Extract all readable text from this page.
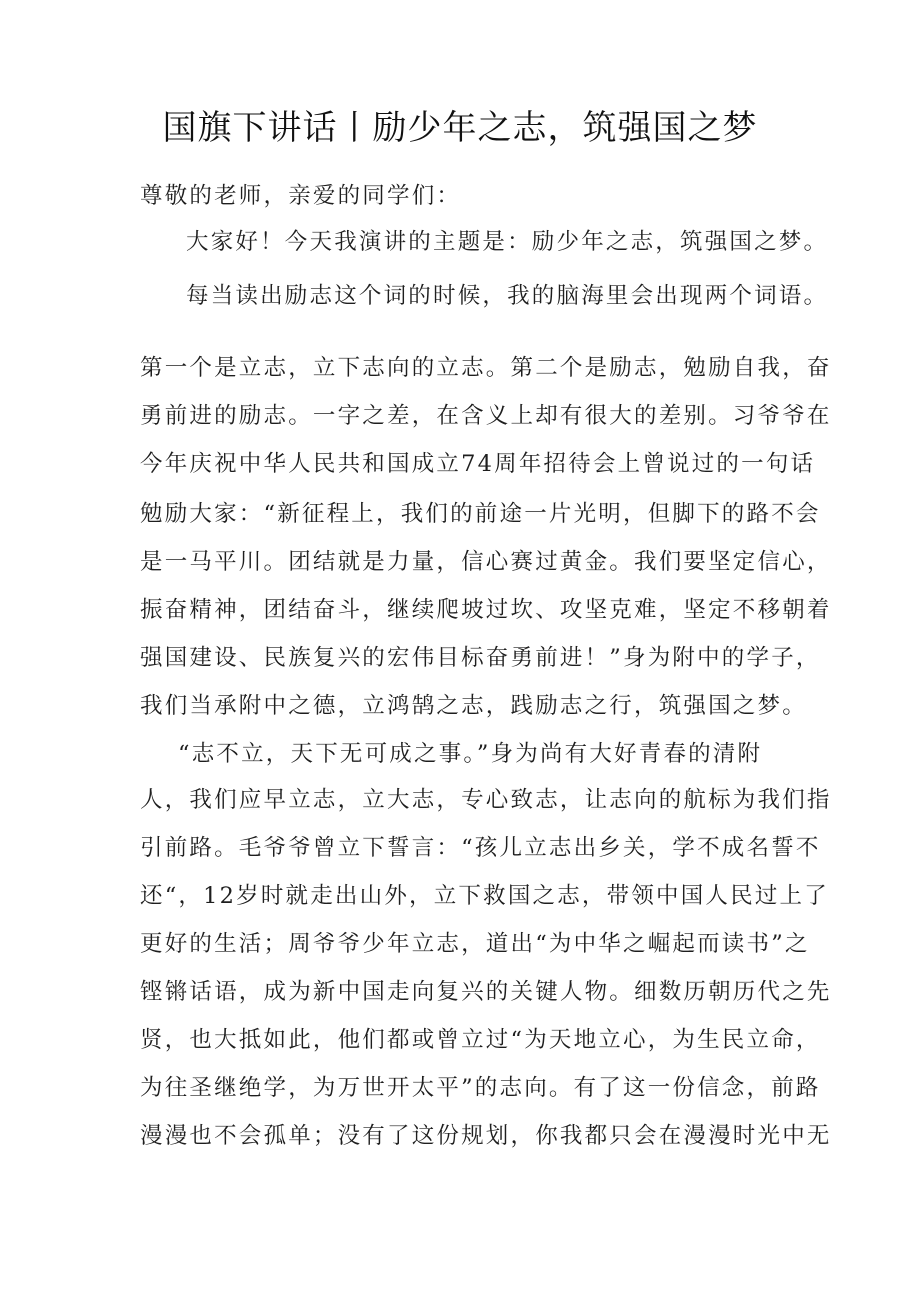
国旗下讲话丨励少年之志，筑强国之梦
尊敬的老师，亲爱的同学们：
大家好！今天我演讲的主题是：励少年之志，筑强国之梦。
每当读出励志这个词的时候，我的脑海里会出现两个词语。
第一个是立志，立下志向的立志。第二个是励志，勉励自我，奋
勇前进的励志。一字之差，在含义上却有很大的差别。习爷爷在
今年庆祝中华人民共和国成立74周年招待会上曾说过的一句话
勉励大家：“新征程上，我们的前途一片光明，但脚下的路不会
是一马平川。团结就是力量，信心赛过黄金。我们要坚定信心，
振奋精神，团结奋斗，继续爬坡过坎、攻坚克难，坚定不移朝着
强国建设、民族复兴的宏伟目标奋勇前进！”身为附中的学子，
我们当承附中之德，立鸿鹄之志，践励志之行，筑强国之梦。
“志不立，天下无可成之事。”身为尚有大好青春的清附
人，我们应早立志，立大志，专心致志，让志向的航标为我们指
引前路。毛爷爷曾立下誓言：“孩儿立志出乡关，学不成名誓不
还“，12岁时就走出山外，立下救国之志，带领中国人民过上了
更好的生活；周爷爷少年立志，道出“为中华之崛起而读书”之
铿锵话语，成为新中国走向复兴的关键人物。细数历朝历代之先
贤，也大抵如此，他们都或曾立过“为天地立心，为生民立命，
为往圣继绝学，为万世开太平”的志向。有了这一份信念，前路
漫漫也不会孤单；没有了这份规划，你我都只会在漫漫时光中无
